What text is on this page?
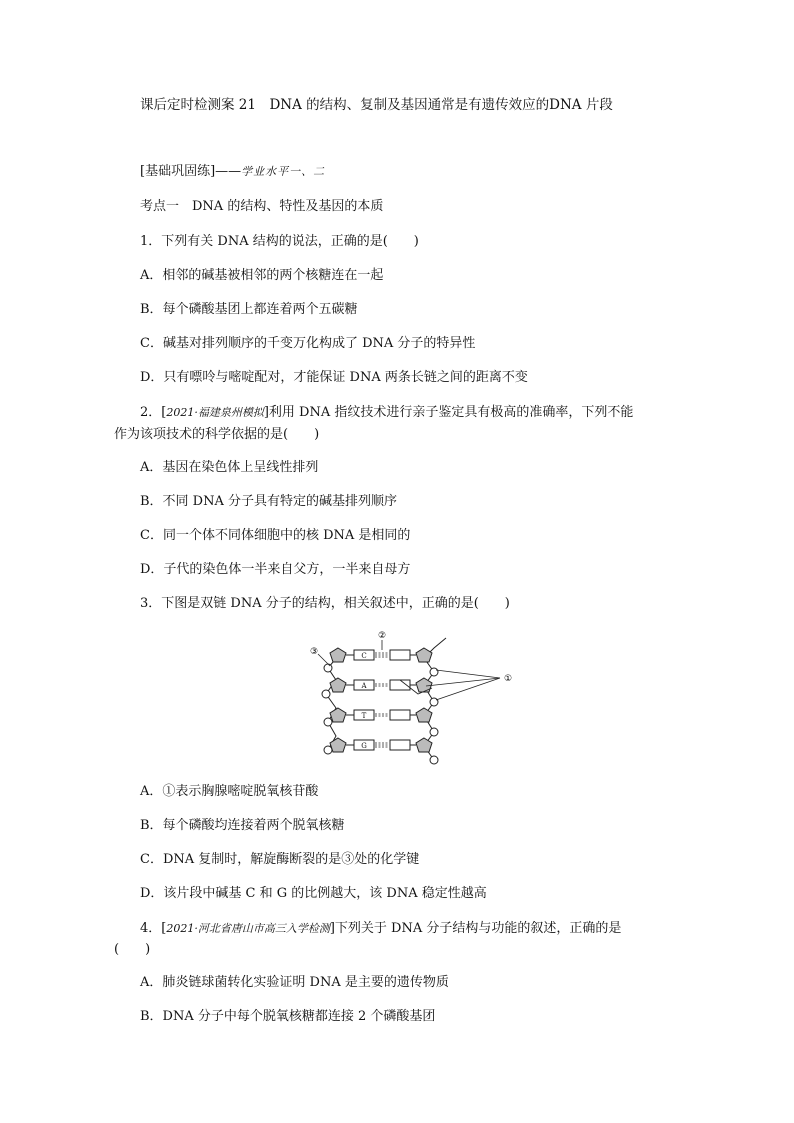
课后定时检测案 21　DNA 的结构、复制及基因通常是有遗传效应的DNA 片段
[基础巩固练]——学业水平一、二
考点一　DNA 的结构、特性及基因的本质
1．下列有关 DNA 结构的说法，正确的是(　　)
A．相邻的碱基被相邻的两个核糖连在一起
B．每个磷酸基团上都连着两个五碳糖
C．碱基对排列顺序的千变万化构成了 DNA 分子的特异性
D．只有嘌呤与嘧啶配对，才能保证 DNA 两条长链之间的距离不变
2．[2021·福建泉州模拟]利用 DNA 指纹技术进行亲子鉴定具有极高的准确率，下列不能
作为该项技术的科学依据的是(　　)
A．基因在染色体上呈线性排列
B．不同 DNA 分子具有特定的碱基排列顺序
C．同一个体不同体细胞中的核 DNA 是相同的
D．子代的染色体一半来自父方，一半来自母方
3．下图是双链 DNA 分子的结构，相关叙述中，正确的是(　　)
C
A
T
G
②
③
①
A．①表示胸腺嘧啶脱氧核苷酸
B．每个磷酸均连接着两个脱氧核糖
C．DNA 复制时，解旋酶断裂的是③处的化学键
D．该片段中碱基 C 和 G 的比例越大，该 DNA 稳定性越高
4．[2021·河北省唐山市高三入学检测]下列关于 DNA 分子结构与功能的叙述，正确的是
(　　)
A．肺炎链球菌转化实验证明 DNA 是主要的遗传物质
B．DNA 分子中每个脱氧核糖都连接 2 个磷酸基团
